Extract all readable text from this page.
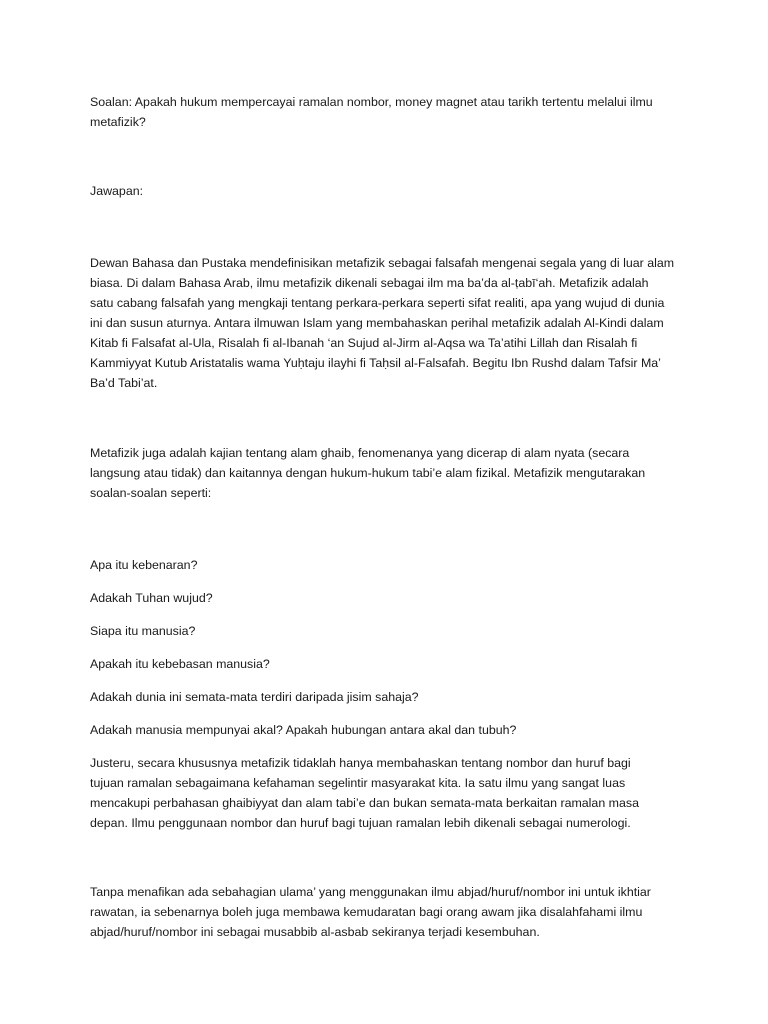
Soalan: Apakah hukum mempercayai ramalan nombor, money magnet atau tarikh tertentu melalui ilmu
metafizik?

Jawapan:

Dewan Bahasa dan Pustaka mendefinisikan metafizik sebagai falsafah mengenai segala yang di luar alam
biasa. Di dalam Bahasa Arab, ilmu metafizik dikenali sebagai ilm ma ba’da al-ṭabī‘ah. Metafizik adalah
satu cabang falsafah yang mengkaji tentang perkara-perkara seperti sifat realiti, apa yang wujud di dunia
ini dan susun aturnya. Antara ilmuwan Islam yang membahaskan perihal metafizik adalah Al-Kindi dalam
Kitab fi Falsafat al-Ula, Risalah fi al-Ibanah ‘an Sujud al-Jirm al-Aqsa wa Ta’atihi Lillah dan Risalah fi
Kammiyyat Kutub Aristatalis wama Yuḥtaju ilayhi fi Taḥsil al-Falsafah. Begitu Ibn Rushd dalam Tafsir Ma’
Ba’d Tabi’at.

Metafizik juga adalah kajian tentang alam ghaib, fenomenanya yang dicerap di alam nyata (secara
langsung atau tidak) dan kaitannya dengan hukum-hukum tabi’e alam fizikal. Metafizik mengutarakan
soalan-soalan seperti:

Apa itu kebenaran?

Adakah Tuhan wujud?

Siapa itu manusia?

Apakah itu kebebasan manusia?

Adakah dunia ini semata-mata terdiri daripada jisim sahaja?

Adakah manusia mempunyai akal? Apakah hubungan antara akal dan tubuh?

Justeru, secara khususnya metafizik tidaklah hanya membahaskan tentang nombor dan huruf bagi
tujuan ramalan sebagaimana kefahaman segelintir masyarakat kita. Ia satu ilmu yang sangat luas
mencakupi perbahasan ghaibiyyat dan alam tabi’e dan bukan semata-mata berkaitan ramalan masa
depan. Ilmu penggunaan nombor dan huruf bagi tujuan ramalan lebih dikenali sebagai numerologi.

Tanpa menafikan ada sebahagian ulama’ yang menggunakan ilmu abjad/huruf/nombor ini untuk ikhtiar
rawatan, ia sebenarnya boleh juga membawa kemudaratan bagi orang awam jika disalahfahami ilmu
abjad/huruf/nombor ini sebagai musabbib al-asbab sekiranya terjadi kesembuhan.
